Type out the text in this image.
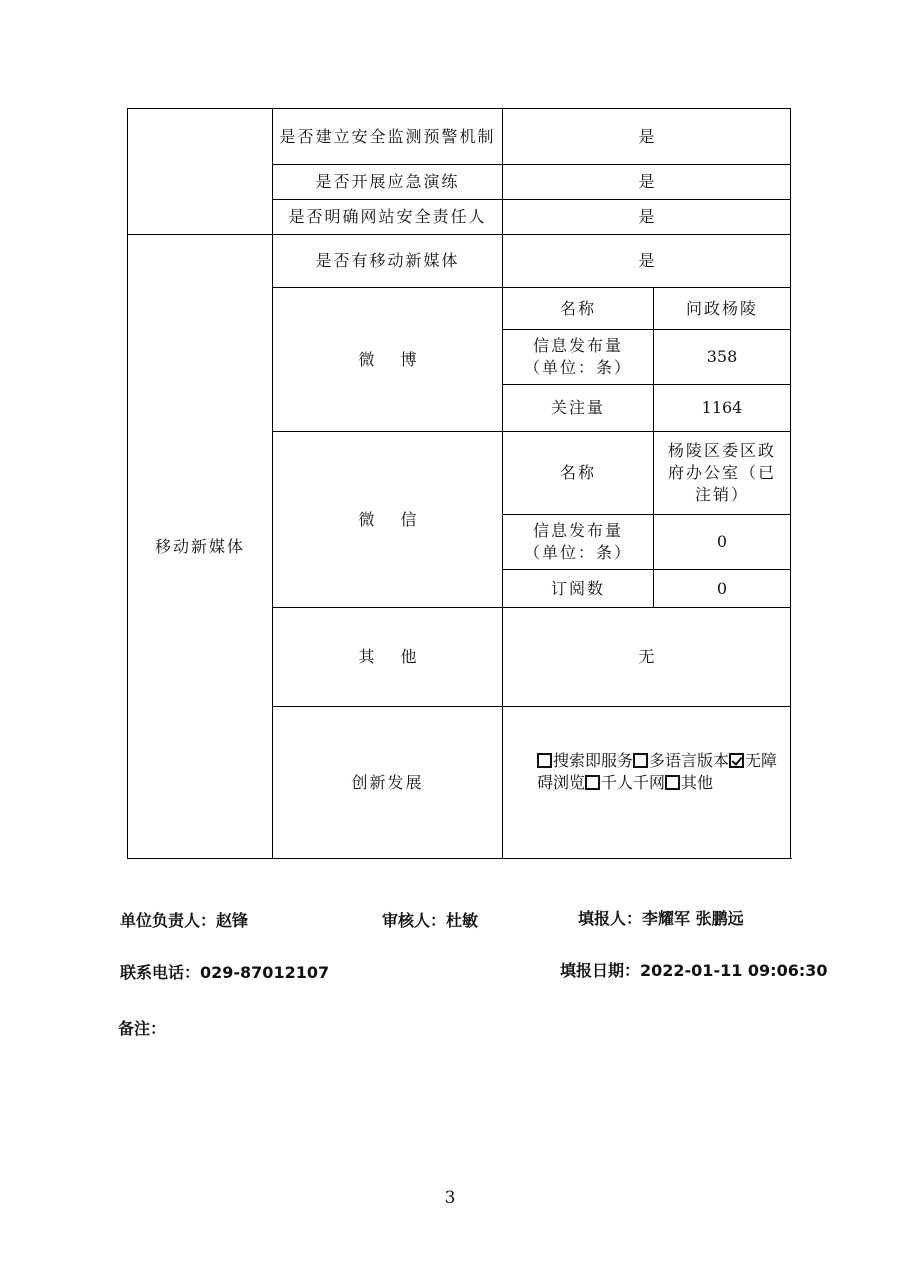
	是否建立安全监测预警机制	是	
	是否开展应急演练	是	
	是否明确网站安全责任人	是	
移动新媒体	是否有移动新媒体	是	
	微 博	名称	问政杨陵
		信息发布量（单位：条）	358
		关注量	1164
	微 信	名称	杨陵区委区政府办公室（已注销）
		信息发布量（单位：条）	0
		订阅数	0
	其 他	无	
	创新发展	搜索即服务 多语言版本 无障碍浏览 千人千网 其他	
单位负责人：赵锋	审核人：杜敏	填报人：李耀军 张鹏远
联系电话：029-87012107	填报日期：2022-01-11 09:06:30
备注：
3
